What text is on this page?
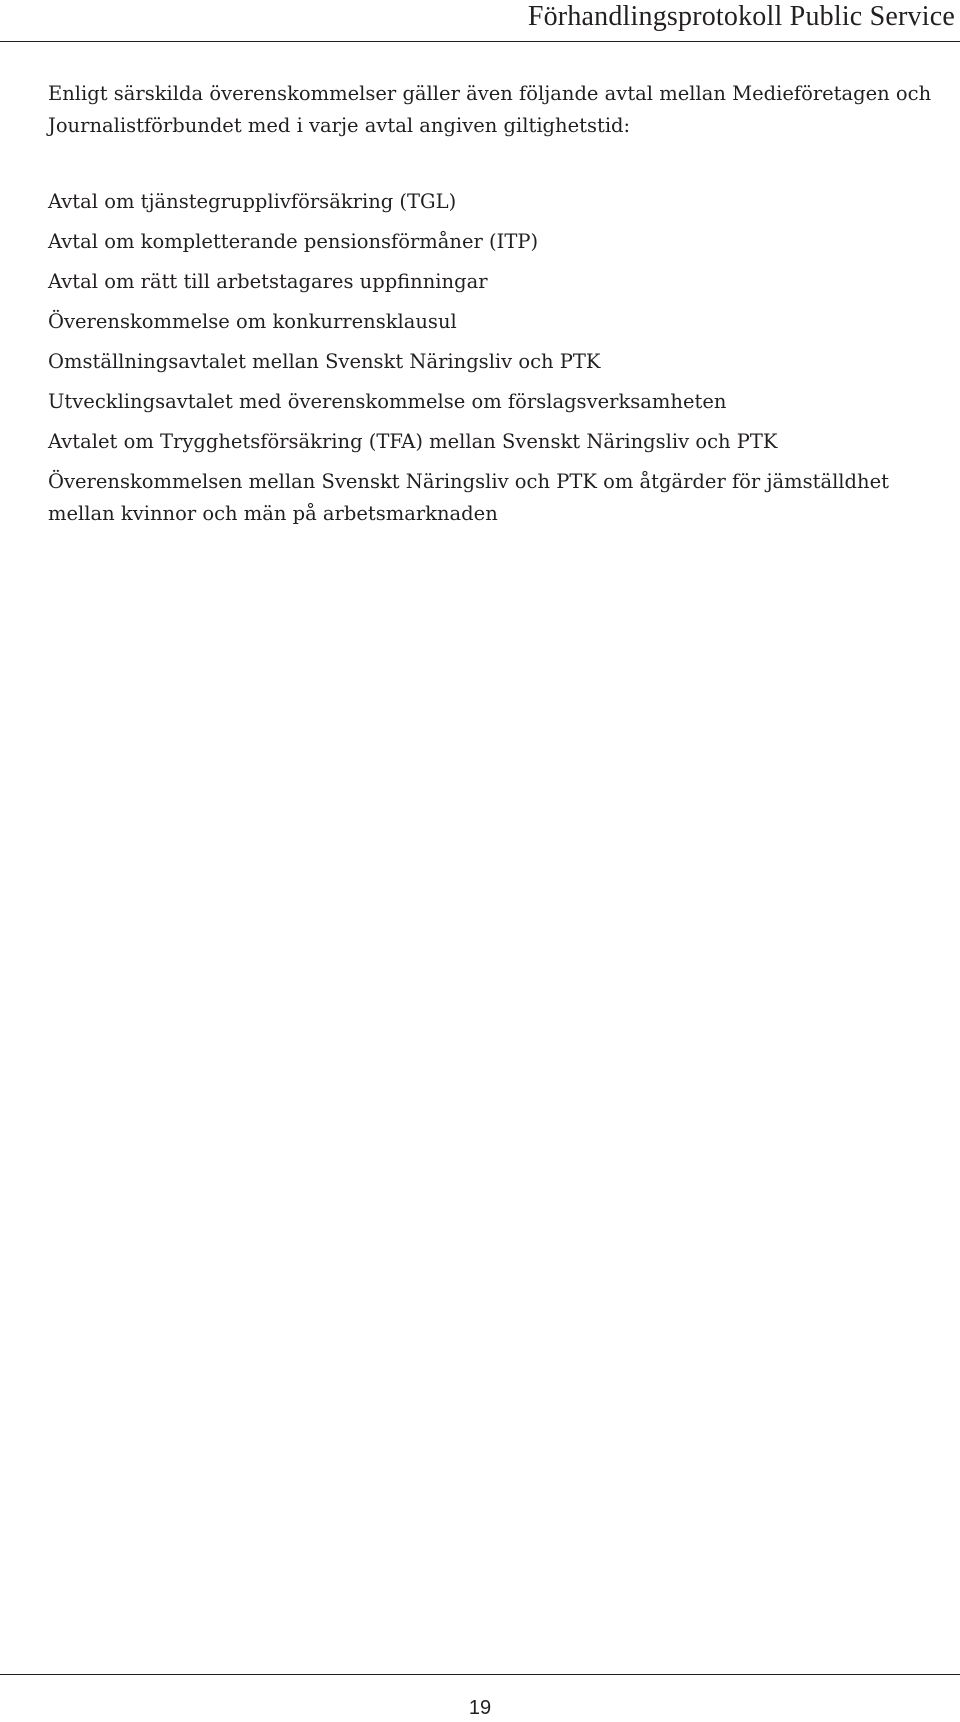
Förhandlingsprotokoll Public Service

Enligt särskilda överenskommelser gäller även följande avtal mellan Medieföretagen och Journalistförbundet med i varje avtal angiven giltighetstid:

Avtal om tjänstegrupplivförsäkring (TGL)
Avtal om kompletterande pensionsförmåner (ITP)
Avtal om rätt till arbetstagares uppfinningar
Överenskommelse om konkurrensklausul
Omställningsavtalet mellan Svenskt Näringsliv och PTK
Utvecklingsavtalet med överenskommelse om förslagsverksamheten
Avtalet om Trygghetsförsäkring (TFA) mellan Svenskt Näringsliv och PTK
Överenskommelsen mellan Svenskt Näringsliv och PTK om åtgärder för jämställdhet mellan kvinnor och män på arbetsmarknaden
19
